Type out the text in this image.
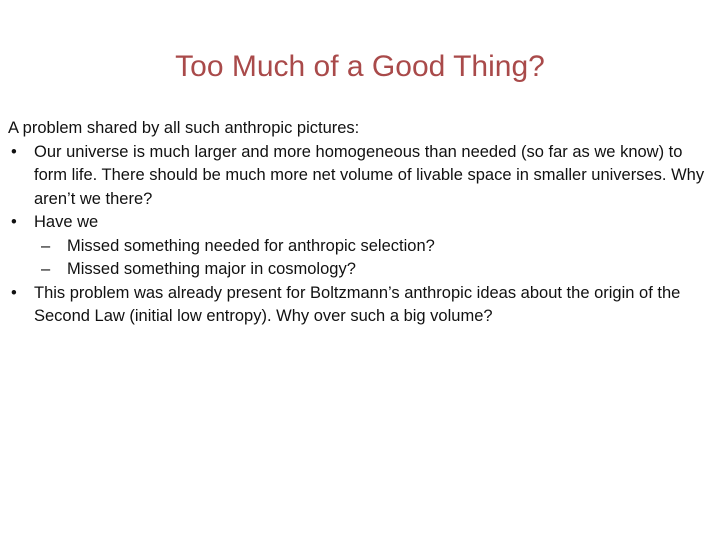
Too Much of a Good Thing?

A problem shared by all such anthropic pictures:

• Our universe is much larger and more homogeneous than needed (so far as we know) to form life. There should be much more net volume of livable space in smaller universes. Why aren’t we there?

• Have we

– Missed something needed for anthropic selection?

– Missed something major in cosmology?

• This problem was already present for Boltzmann’s anthropic ideas about the origin of the Second Law (initial low entropy). Why over such a big volume?
